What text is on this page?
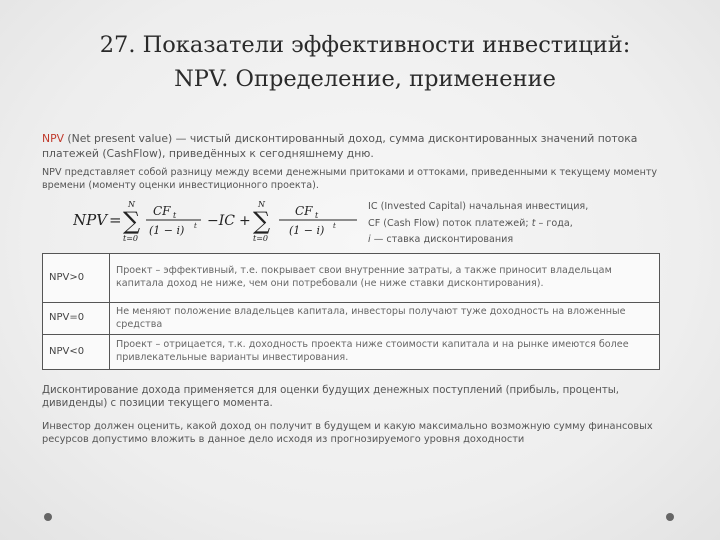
27. Показатели эффективности инвестиций:
NPV. Определение, применение
NPV (Net present value) — чистый дисконтированный доход, сумма дисконтированных значений потока платежей (CashFlow), приведённых к сегодняшнему дню.
NPV представляет собой разницу между всеми денежными притоками и оттоками, приведенными к текущему моменту времени (моменту оценки инвестиционного проекта).
NPV = ∑
N
t=0
CF t
(1 − i) t −IC + ∑
N
t=0
CF t
(1 − i) t
IC (Invested Capital) начальная инвестиция,
CF (Cash Flow) поток платежей; t – года,
i — ставка дисконтирования
NPV>0	Проект – эффективный, т.е. покрывает свои внутренние затраты, а также приносит владельцам капитала доход не ниже, чем они потребовали (не ниже ставки дисконтирования).
NPV=0	Не меняют положение владельцев капитала, инвесторы получают туже доходность на вложенные средства
NPV<0	Проект – отрицается, т.к. доходность проекта ниже стоимости капитала и на рынке имеются более привлекательные варианты инвестирования.
Дисконтирование дохода применяется для оценки будущих денежных поступлений (прибыль, проценты, дивиденды) с позиции текущего момента.
Инвестор должен оценить, какой доход он получит в будущем и какую максимально возможную сумму финансовых ресурсов допустимо вложить в данное дело исходя из прогнозируемого уровня доходности
